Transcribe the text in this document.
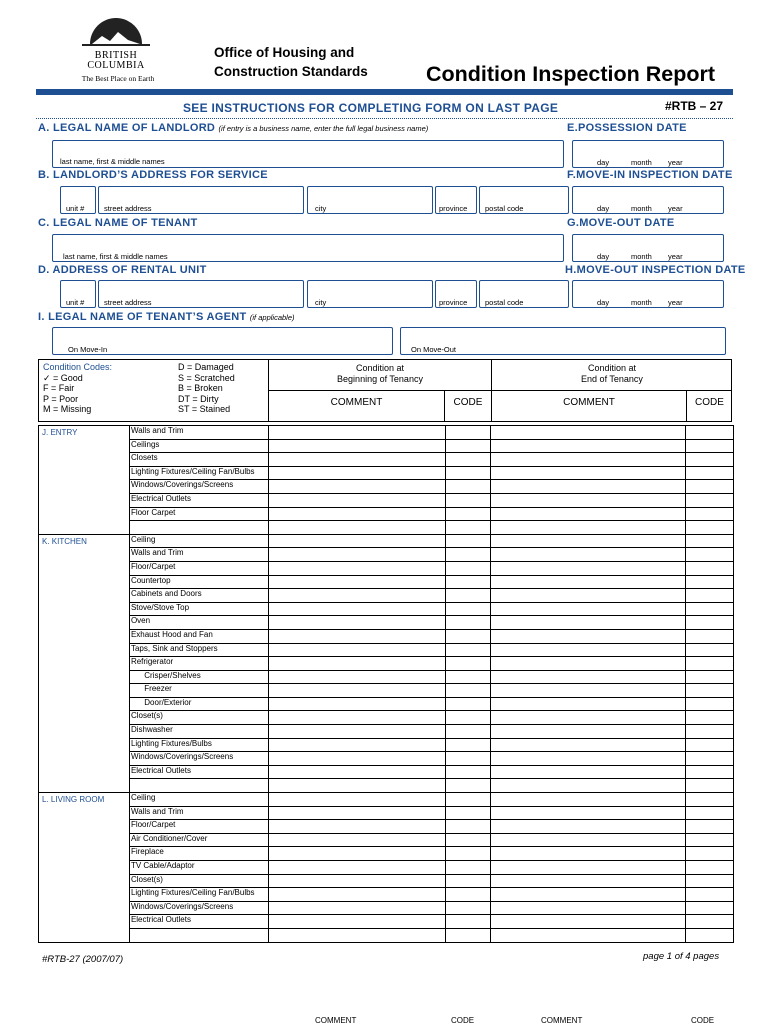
BRITISH
COLUMBIA
The Best Place on Earth
Office of Housing and
Construction Standards	Condition Inspection Report
SEE INSTRUCTIONS FOR COMPLETING FORM ON LAST PAGE	#RTB – 27
A. LEGAL NAME OF LANDLORD (if entry is a business name, enter the full legal business name)
last name, first & middle names
E.POSSESSION DATE
day	month year
B. LANDLORD’S ADDRESS FOR SERVICE
unit #	street address	city	province postal code
F.MOVE-IN INSPECTION DATE
day	month year
C. LEGAL NAME OF TENANT
last name, first & middle names
G.MOVE-OUT DATE
day	month year
D. ADDRESS OF RENTAL UNIT
unit #	street address	city	province postal code
H.MOVE-OUT INSPECTION DATE
day	month year
I. LEGAL NAME OF TENANT’S AGENT (if applicable)
On Move-In	On Move-Out
Condition Codes:
✓ = Good
F = Fair
P = Poor
M = Missing
D = Damaged
S = Scratched
B = Broken
DT = Dirty
ST = Stained
Condition at
Beginning of Tenancy
Condition at
End of Tenancy
COMMENT	CODE	COMMENT	CODE
J. ENTRY	Walls and Trim				
	Ceilings				
	Closets				
	Lighting Fixtures/Ceiling Fan/Bulbs				
	Windows/Coverings/Screens				
	Electrical Outlets				
	Floor Carpet				

K. KITCHEN	Ceiling				
	Walls and Trim				
	Floor/Carpet				
	Countertop				
	Cabinets and Doors				
	Stove/Stove Top				
	Oven				
	Exhaust Hood and Fan				
	Taps, Sink and Stoppers				
	Refrigerator				
	Crisper/Shelves				
	Freezer				
	Door/Exterior				
	Closet(s)				
	Dishwasher				
	Lighting Fixtures/Bulbs				
	Windows/Coverings/Screens				
	Electrical Outlets				

L. LIVING ROOM	Ceiling				
	Walls and Trim				
	Floor/Carpet				
	Air Conditioner/Cover				
	Fireplace				
	TV Cable/Adaptor				
	Closet(s)				
	Lighting Fixtures/Ceiling Fan/Bulbs				
	Windows/Coverings/Screens				
	Electrical Outlets				

#RTB-27 (2007/07)	page 1 of 4 pages
COMMENT	CODE	COMMENT	CODE
